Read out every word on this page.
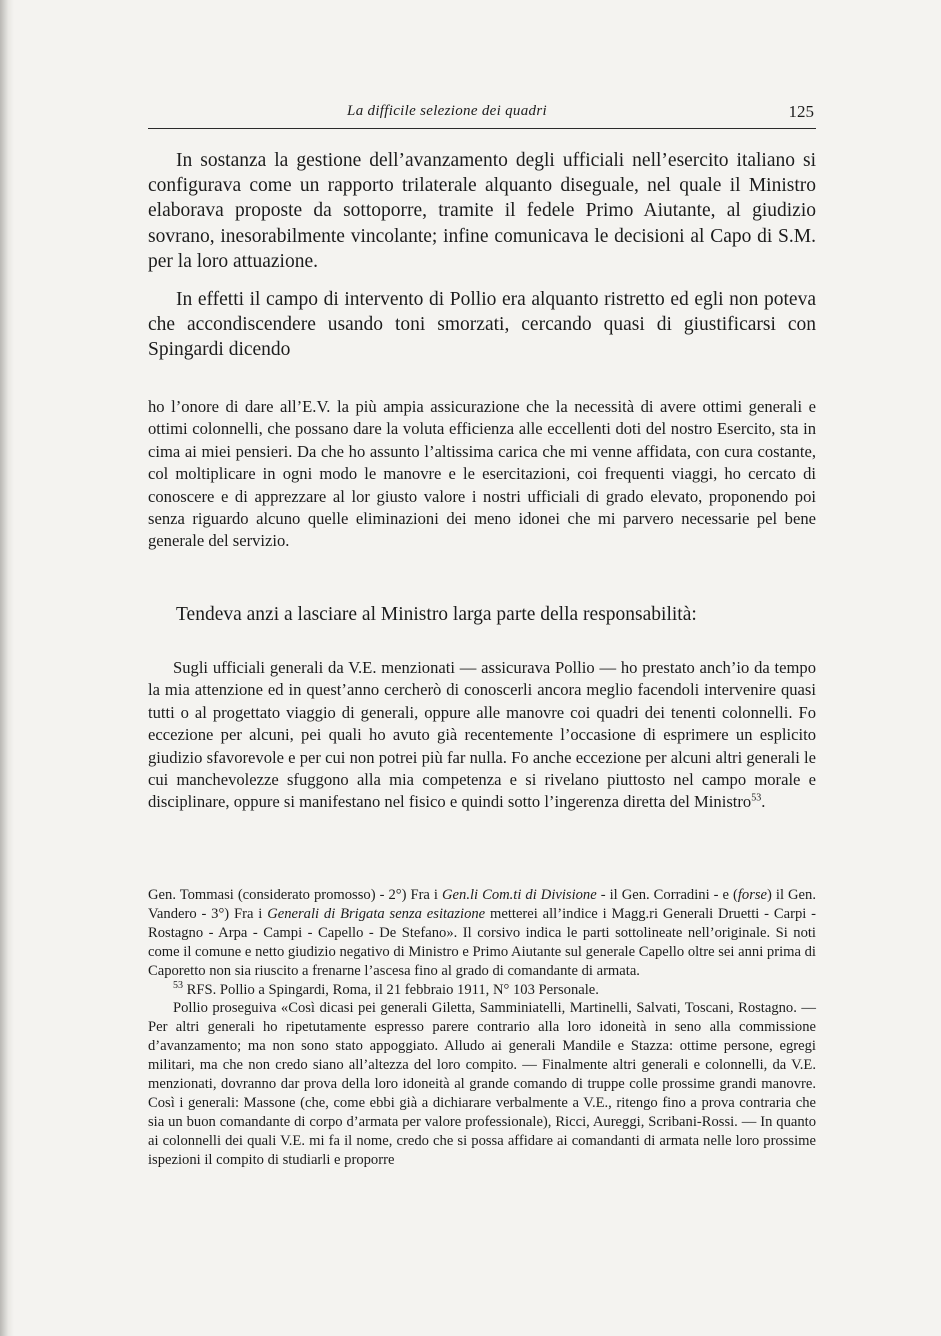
La difficile selezione dei quadri	125

In sostanza la gestione dell’avanzamento degli ufficiali nell’esercito italiano si configurava come un rapporto trilaterale alquanto diseguale, nel quale il Ministro elaborava proposte da sottoporre, tramite il fedele Primo Aiutante, al giudizio sovrano, inesorabilmente vincolante; infine comunicava le decisioni al Capo di S.M. per la loro attuazione.

In effetti il campo di intervento di Pollio era alquanto ristretto ed egli non poteva che accondiscendere usando toni smorzati, cercando quasi di giustificarsi con Spingardi dicendo

ho l’onore di dare all’E.V. la più ampia assicurazione che la necessità di avere ottimi generali e ottimi colonnelli, che possano dare la voluta efficienza alle eccellenti doti del nostro Esercito, sta in cima ai miei pensieri. Da che ho assunto l’altissima carica che mi venne affidata, con cura costante, col moltiplicare in ogni modo le manovre e le esercitazioni, coi frequenti viaggi, ho cercato di conoscere e di apprezzare al lor giusto valore i nostri ufficiali di grado elevato, proponendo poi senza riguardo alcuno quelle eliminazioni dei meno idonei che mi parvero necessarie pel bene generale del servizio.

Tendeva anzi a lasciare al Ministro larga parte della responsabilità:

Sugli ufficiali generali da V.E. menzionati — assicurava Pollio — ho prestato anch’io da tempo la mia attenzione ed in quest’anno cercherò di conoscerli ancora meglio facendoli intervenire quasi tutti o al progettato viaggio di generali, oppure alle manovre coi quadri dei tenenti colonnelli. Fo eccezione per alcuni, pei quali ho avuto già recentemente l’occasione di esprimere un esplicito giudizio sfavorevole e per cui non potrei più far nulla. Fo anche eccezione per alcuni altri generali le cui manchevolezze sfuggono alla mia competenza e si rivelano piuttosto nel campo morale e disciplinare, oppure si manifestano nel fisico e quindi sotto l’ingerenza diretta del Ministro$^{53}$.

Gen. Tommasi (considerato promosso) - 2°) Fra i Gen.li Com.ti di Divisione - il Gen. Corradini - e (forse) il Gen. Vandero - 3°) Fra i Generali di Brigata senza esitazione metterei all’indice i Magg.ri Generali Druetti - Carpi - Rostagno - Arpa - Campi - Capello - De Stefano». Il corsivo indica le parti sottolineate nell’originale. Si noti come il comune e netto giudizio negativo di Ministro e Primo Aiutante sul generale Capello oltre sei anni prima di Caporetto non sia riuscito a frenarne l’ascesa fino al grado di comandante di armata.

$^{53}$ RFS. Pollio a Spingardi, Roma, il 21 febbraio 1911, N° 103 Personale.

Pollio proseguiva «Così dicasi pei generali Giletta, Samminiatelli, Martinelli, Salvati, Toscani, Rostagno. — Per altri generali ho ripetutamente espresso parere contrario alla loro idoneità in seno alla commissione d’avanzamento; ma non sono stato appoggiato. Alludo ai generali Mandile e Stazza: ottime persone, egregi militari, ma che non credo siano all’altezza del loro compito. — Finalmente altri generali e colonnelli, da V.E. menzionati, dovranno dar prova della loro idoneità al grande comando di truppe colle prossime grandi manovre. Così i generali: Massone (che, come ebbi già a dichiarare verbalmente a V.E., ritengo fino a prova contraria che sia un buon comandante di corpo d’armata per valore professionale), Ricci, Aureggi, Scribani-Rossi. — In quanto ai colonnelli dei quali V.E. mi fa il nome, credo che si possa affidare ai comandanti di armata nelle loro prossime ispezioni il compito di studiarli e proporre
